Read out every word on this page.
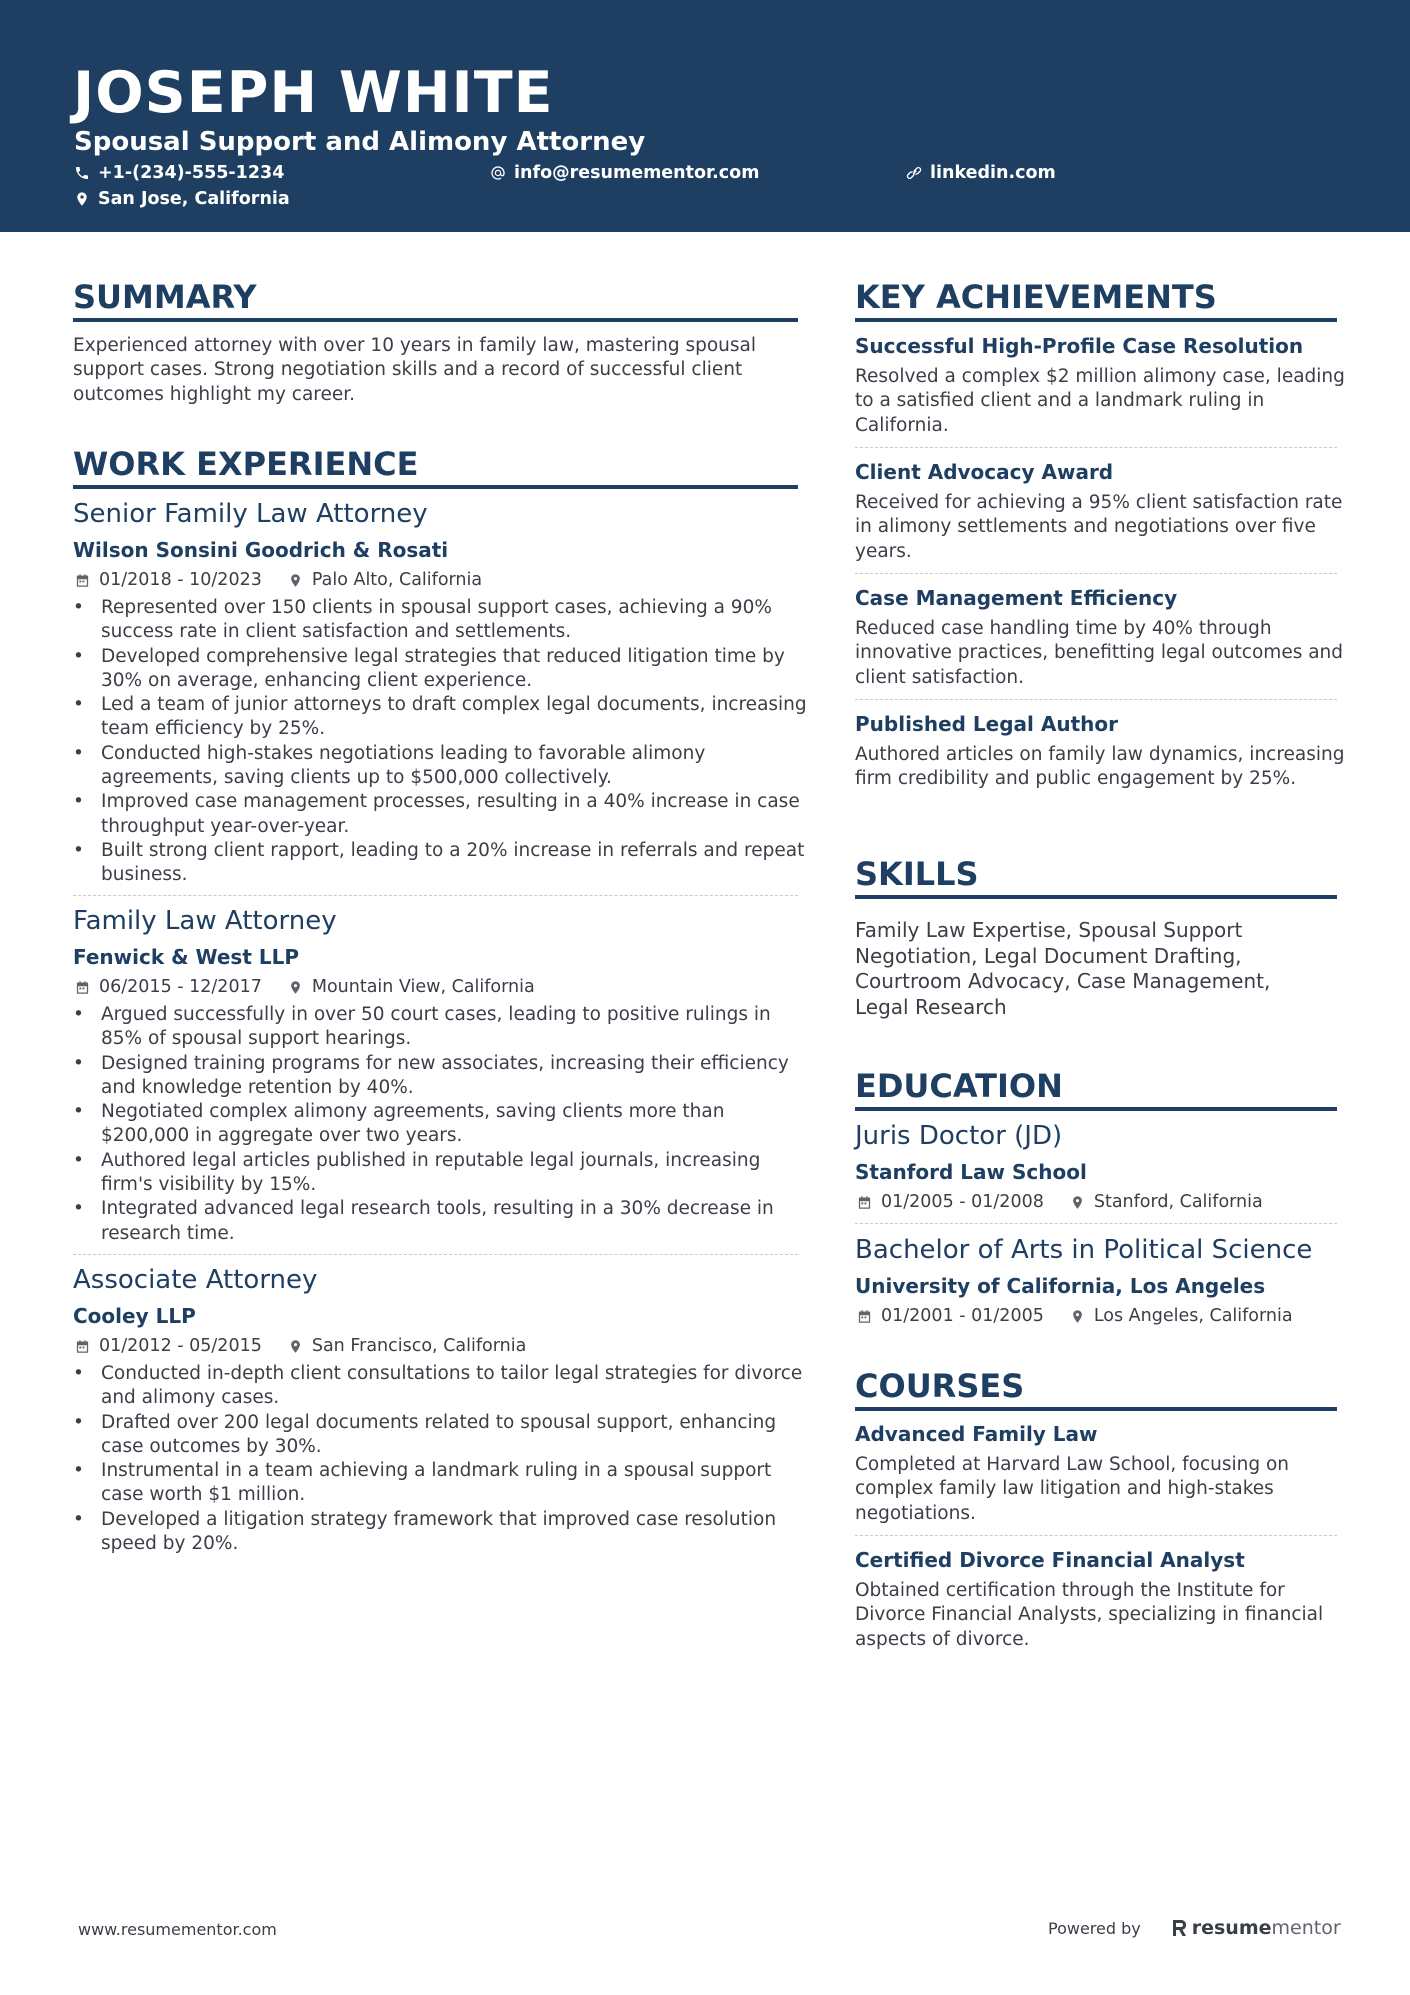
JOSEPH WHITE
Spousal Support and Alimony Attorney
+1-(234)-555-1234	info@resumementor.com	linkedin.com
San Jose, California
SUMMARY

Experienced attorney with over 10 years in family law, mastering spousal support cases. Strong negotiation skills and a record of successful client outcomes highlight my career.

WORK EXPERIENCE

Senior Family Law Attorney

Wilson Sonsini Goodrich & Rosati

01/2018 - 10/2023	Palo Alto, California
• Represented over 150 clients in spousal support cases, achieving a 90% success rate in client satisfaction and settlements.
• Developed comprehensive legal strategies that reduced litigation time by 30% on average, enhancing client experience.
• Led a team of junior attorneys to draft complex legal documents, increasing team efficiency by 25%.
• Conducted high-stakes negotiations leading to favorable alimony agreements, saving clients up to $500,000 collectively.
• Improved case management processes, resulting in a 40% increase in case throughput year-over-year.
• Built strong client rapport, leading to a 20% increase in referrals and repeat business.

Family Law Attorney

Fenwick & West LLP

06/2015 - 12/2017	Mountain View, California
• Argued successfully in over 50 court cases, leading to positive rulings in 85% of spousal support hearings.
• Designed training programs for new associates, increasing their efficiency and knowledge retention by 40%.
• Negotiated complex alimony agreements, saving clients more than $200,000 in aggregate over two years.
• Authored legal articles published in reputable legal journals, increasing firm's visibility by 15%.
• Integrated advanced legal research tools, resulting in a 30% decrease in research time.

Associate Attorney

Cooley LLP

01/2012 - 05/2015	San Francisco, California
• Conducted in-depth client consultations to tailor legal strategies for divorce and alimony cases.
• Drafted over 200 legal documents related to spousal support, enhancing case outcomes by 30%.
• Instrumental in a team achieving a landmark ruling in a spousal support case worth $1 million.
• Developed a litigation strategy framework that improved case resolution speed by 20%.
KEY ACHIEVEMENTS

Successful High-Profile Case Resolution

Resolved a complex $2 million alimony case, leading to a satisfied client and a landmark ruling in California.

Client Advocacy Award

Received for achieving a 95% client satisfaction rate in alimony settlements and negotiations over five years.

Case Management Efficiency

Reduced case handling time by 40% through innovative practices, benefitting legal outcomes and client satisfaction.

Published Legal Author

Authored articles on family law dynamics, increasing firm credibility and public engagement by 25%.

SKILLS

Family Law Expertise, Spousal Support Negotiation, Legal Document Drafting, Courtroom Advocacy, Case Management, Legal Research

EDUCATION

Juris Doctor (JD)

Stanford Law School

01/2005 - 01/2008	Stanford, California

Bachelor of Arts in Political Science

University of California, Los Angeles

01/2001 - 01/2005	Los Angeles, California
COURSES

Advanced Family Law

Completed at Harvard Law School, focusing on complex family law litigation and high-stakes negotiations.

Certified Divorce Financial Analyst

Obtained certification through the Institute for Divorce Financial Analysts, specializing in financial aspects of divorce.

www.resumementor.com	Powered by	resume mentor
